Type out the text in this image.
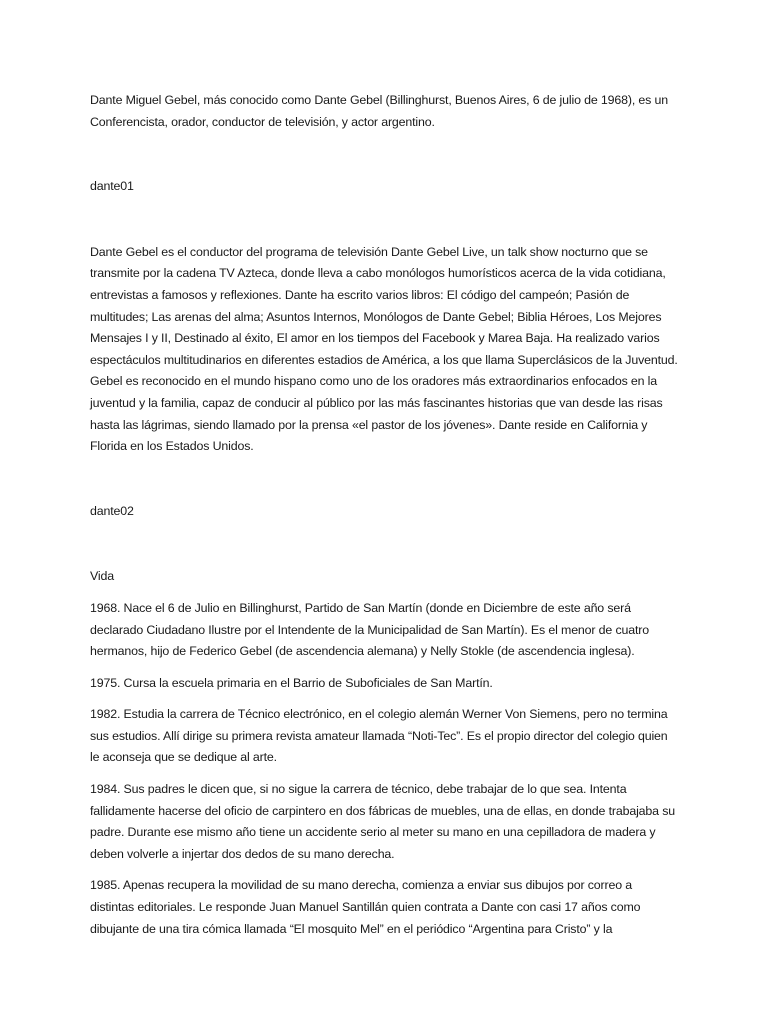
Dante Miguel Gebel, más conocido como Dante Gebel (Billinghurst, Buenos Aires, 6 de julio de 1968), es un Conferencista, orador, conductor de televisión, y actor argentino.

dante01

Dante Gebel es el conductor del programa de televisión Dante Gebel Live, un talk show nocturno que se transmite por la cadena TV Azteca, donde lleva a cabo monólogos humorísticos acerca de la vida cotidiana, entrevistas a famosos y reflexiones. Dante ha escrito varios libros: El código del campeón; Pasión de multitudes; Las arenas del alma; Asuntos Internos, Monólogos de Dante Gebel; Biblia Héroes, Los Mejores Mensajes I y II, Destinado al éxito, El amor en los tiempos del Facebook y Marea Baja. Ha realizado varios espectáculos multitudinarios en diferentes estadios de América, a los que llama Superclásicos de la Juventud. Gebel es reconocido en el mundo hispano como uno de los oradores más extraordinarios enfocados en la juventud y la familia, capaz de conducir al público por las más fascinantes historias que van desde las risas hasta las lágrimas, siendo llamado por la prensa «el pastor de los jóvenes». Dante reside en California y Florida en los Estados Unidos.

dante02

Vida

1968. Nace el 6 de Julio en Billinghurst, Partido de San Martín (donde en Diciembre de este año será declarado Ciudadano Ilustre por el Intendente de la Municipalidad de San Martín). Es el menor de cuatro hermanos, hijo de Federico Gebel (de ascendencia alemana) y Nelly Stokle (de ascendencia inglesa).

1975. Cursa la escuela primaria en el Barrio de Suboficiales de San Martín.

1982. Estudia la carrera de Técnico electrónico, en el colegio alemán Werner Von Siemens, pero no termina sus estudios. Allí dirige su primera revista amateur llamada “Noti-Tec”. Es el propio director del colegio quien le aconseja que se dedique al arte.

1984. Sus padres le dicen que, si no sigue la carrera de técnico, debe trabajar de lo que sea. Intenta fallidamente hacerse del oficio de carpintero en dos fábricas de muebles, una de ellas, en donde trabajaba su padre. Durante ese mismo año tiene un accidente serio al meter su mano en una cepilladora de madera y deben volverle a injertar dos dedos de su mano derecha.

1985. Apenas recupera la movilidad de su mano derecha, comienza a enviar sus dibujos por correo a distintas editoriales. Le responde Juan Manuel Santillán quien contrata a Dante con casi 17 años como dibujante de una tira cómica llamada “El mosquito Mel” en el periódico “Argentina para Cristo” y la
